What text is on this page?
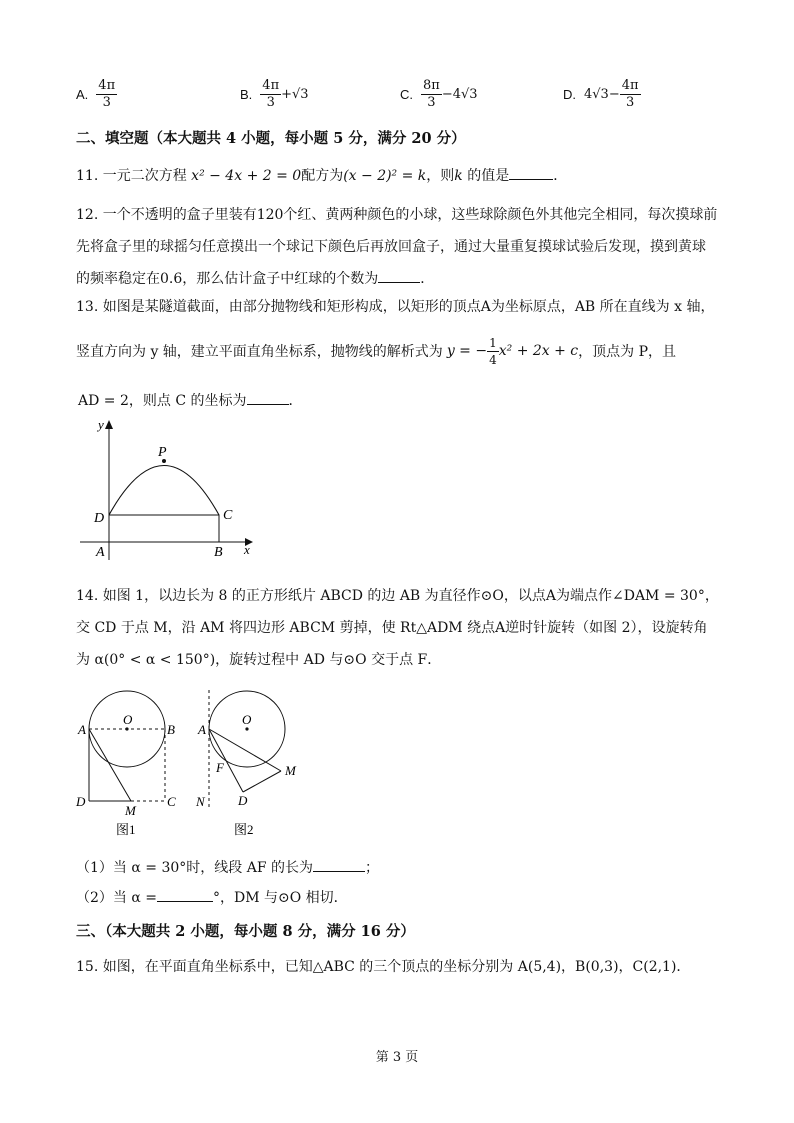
A. $\frac{4\pi}{3}$	B. $\frac{4\pi}{3} +√3$	C. $\frac{8\pi}{3} -4√3$	D. $4√3- \frac{4\pi}{3}$
二、填空题（本大题共 4 小题，每小题 5 分，满分 20 分）
11. 一元二次方程 x² − 4x + 2 = 0配方为(x − 2)² = k，则k 的值是	．
12. 一个不透明的盒子里装有120个红、黄两种颜色的小球，这些球除颜色外其他完全相同，每次摸球前
先将盒子里的球摇匀任意摸出一个球记下颜色后再放回盒子，通过大量重复摸球试验后发现，摸到黄球
的频率稳定在0.6，那么估计盒子中红球的个数为	．
13. 如图是某隧道截面，由部分抛物线和矩形构成，以矩形的顶点A为坐标原点，AB 所在直线为 x 轴，
竖直方向为 y 轴，建立平面直角坐标系，抛物线的解析式为 y = − $\frac{1}{4} x^2 + 2x + c$ ，顶点为 P，且
AD = 2，则点 C 的坐标为	．
y
x
P
D	C
A	B
14. 如图 1，以边长为 8 的正方形纸片 ABCD 的边 AB 为直径作⊙O，以点A为端点作∠DAM = 30°，
交 CD 于点 M，沿 AM 将四边形 ABCM 剪掉，使 Rt△ADM 绕点A逆时针旋转（如图 2），设旋转角
为 α(0° < α < 150°)，旋转过程中 AD 与⊙O 交于点 F．
A
O
B
D
M
C
图1
A
O
F	M
D
N
图2
（1）当 α = 30°时，线段 AF 的长为	；
（2）当 α =	°，DM 与⊙O 相切．
三、（本大题共 2 小题，每小题 8 分，满分 16 分）
15. 如图，在平面直角坐标系中，已知△ABC 的三个顶点的坐标分别为 A(5,4)，B(0,3)，C(2,1)．
第 3 页
